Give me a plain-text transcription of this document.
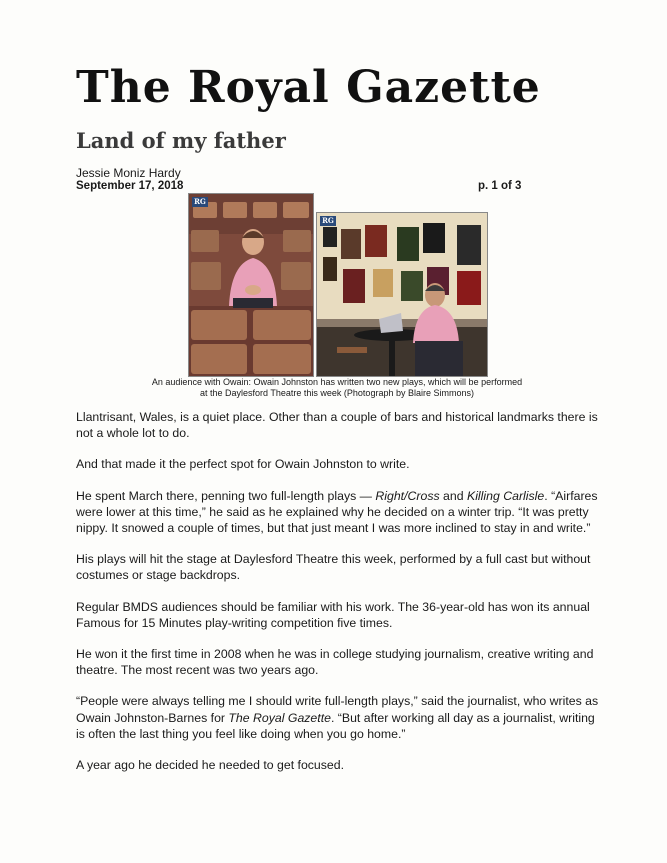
The Royal Gazette
Land of my father
Jessie Moniz Hardy
September 17, 2018	p. 1 of 3
RG
RG
An audience with Owain: Owain Johnston has written two new plays, which will be performed at the Daylesford Theatre this week (Photograph by Blaire Simmons)

Llantrisant, Wales, is a quiet place. Other than a couple of bars and historical landmarks there is not a whole lot to do.

And that made it the perfect spot for Owain Johnston to write.

He spent March there, penning two full-length plays — Right/Cross and Killing Carlisle. “Airfares were lower at this time,” he said as he explained why he decided on a winter trip. “It was pretty nippy. It snowed a couple of times, but that just meant I was more inclined to stay in and write.”

His plays will hit the stage at Daylesford Theatre this week, performed by a full cast but without costumes or stage backdrops.

Regular BMDS audiences should be familiar with his work. The 36-year-old has won its annual Famous for 15 Minutes play-writing competition five times.

He won it the first time in 2008 when he was in college studying journalism, creative writing and theatre. The most recent was two years ago.

“People were always telling me I should write full-length plays,” said the journalist, who writes as Owain Johnston-Barnes for The Royal Gazette. “But after working all day as a journalist, writing is often the last thing you feel like doing when you go home.”

A year ago he decided he needed to get focused.
